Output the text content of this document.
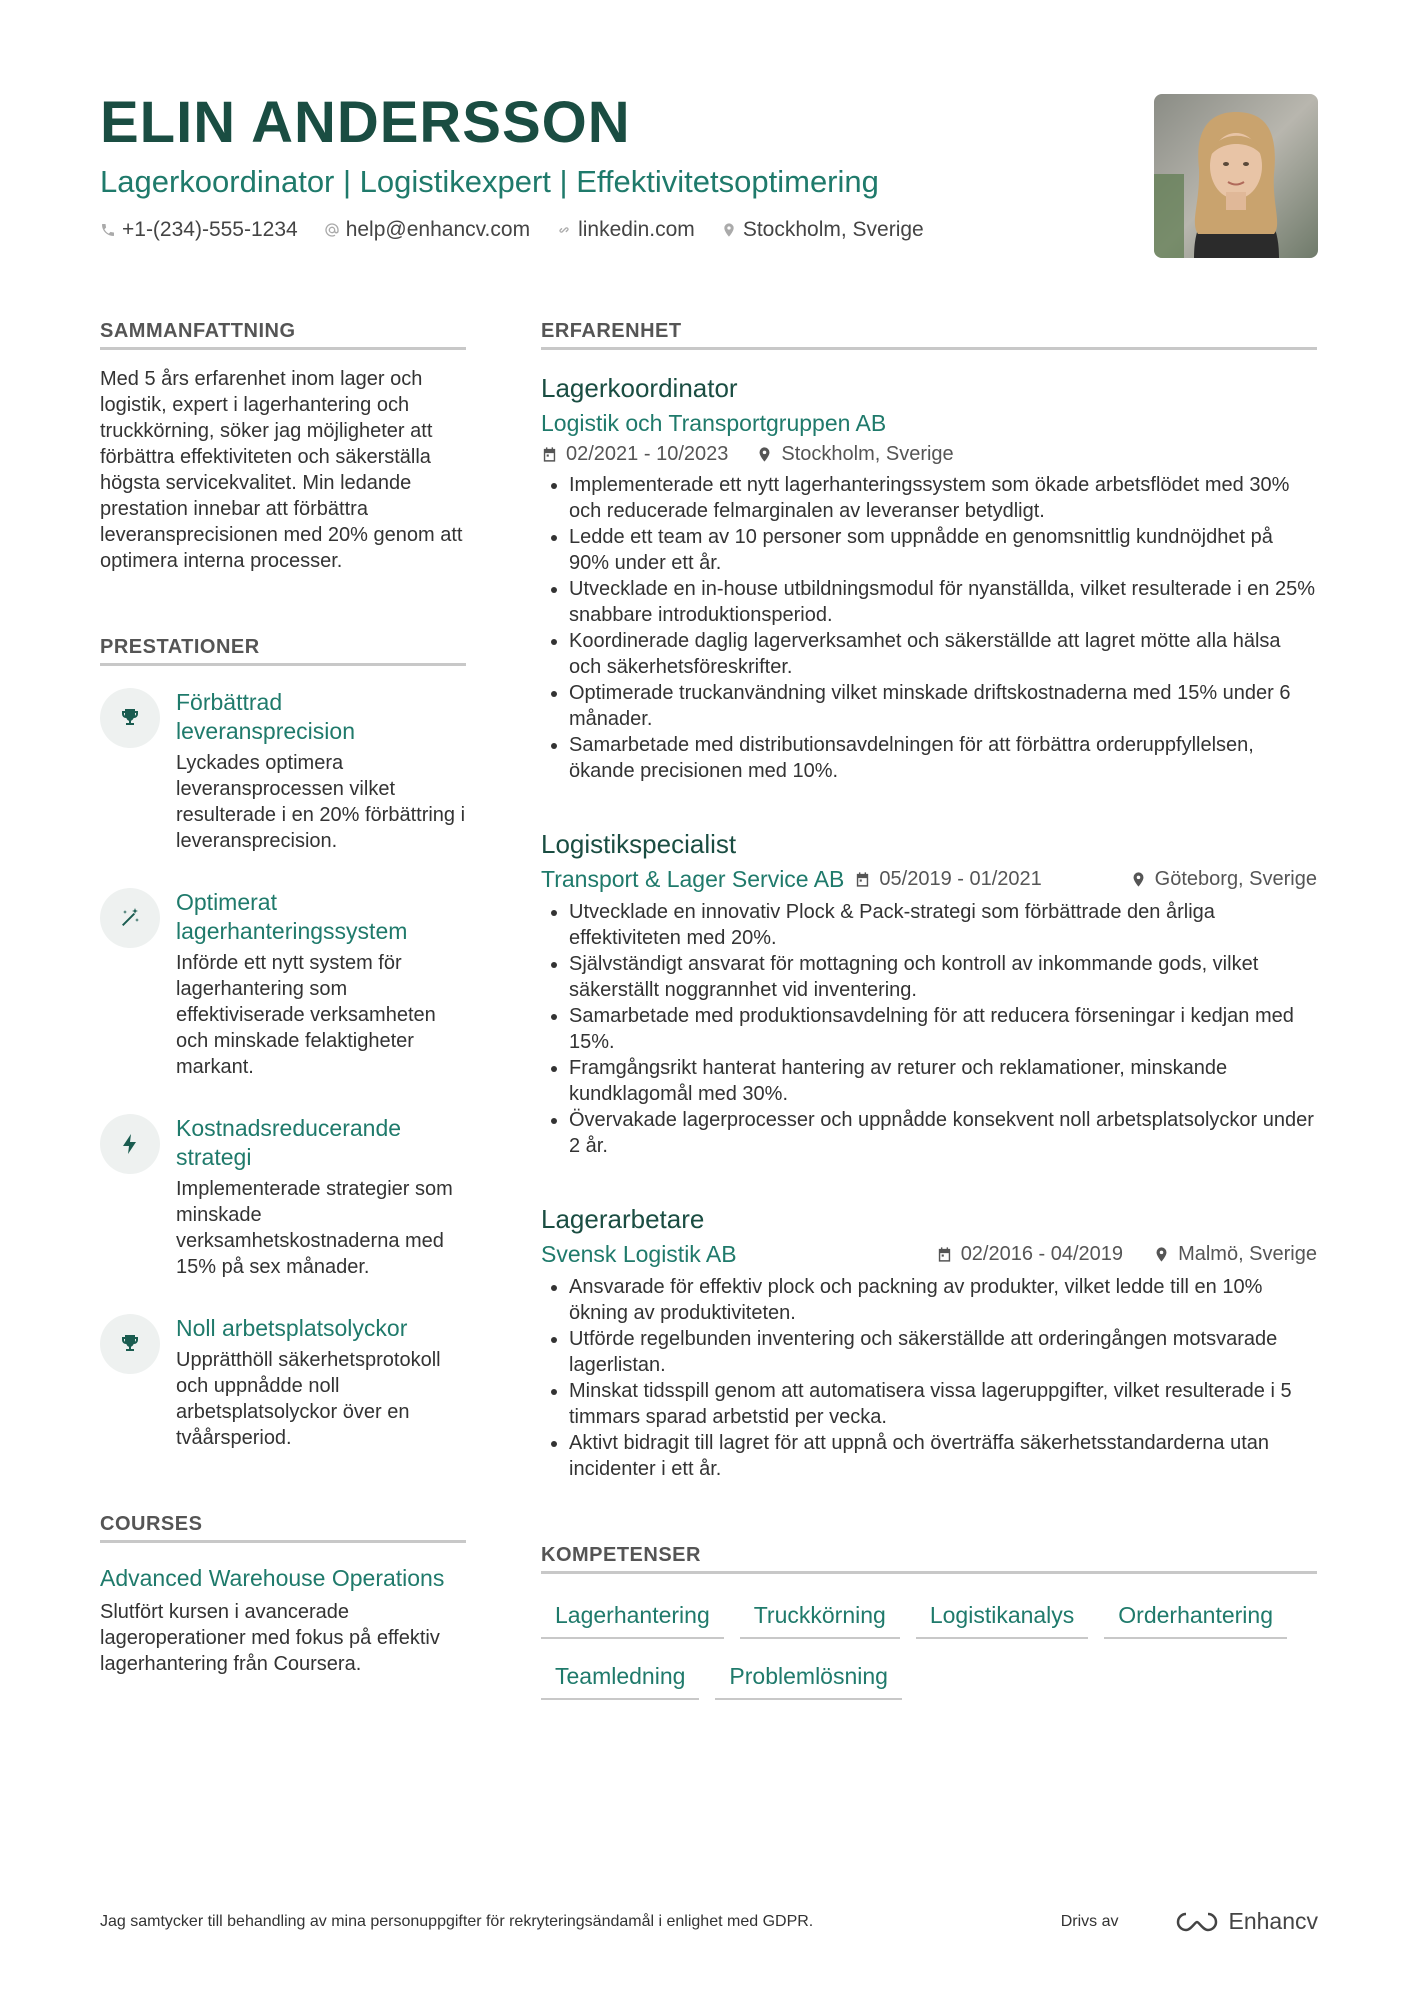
ELIN ANDERSSON
Lagerkoordinator | Logistikexpert | Effektivitetsoptimering
+1-(234)-555-1234 help@enhancv.com linkedin.com Stockholm, Sverige
SAMMANFATTNING
Med 5 års erfarenhet inom lager och logistik, expert i lagerhantering och truckkörning, söker jag möjligheter att förbättra effektiviteten och säkerställa högsta servicekvalitet. Min ledande prestation innebar att förbättra leveransprecisionen med 20% genom att optimera interna processer.
PRESTATIONER
Förbättrad leveransprecision
Lyckades optimera leveransprocessen vilket resulterade i en 20% förbättring i leveransprecision.
Optimerat lagerhanteringssystem
Införde ett nytt system för lagerhantering som effektiviserade verksamheten och minskade felaktigheter markant.
Kostnadsreducerande strategi
Implementerade strategier som minskade verksamhetskostnaderna med 15% på sex månader.
Noll arbetsplatsolyckor
Upprätthöll säkerhetsprotokoll och uppnådde noll arbetsplatsolyckor över en tvåårsperiod.
COURSES
Advanced Warehouse Operations
Slutfört kursen i avancerade lageroperationer med fokus på effektiv lagerhantering från Coursera.
ERFARENHET
Lagerkoordinator
Logistik och Transportgruppen AB
02/2021 - 10/2023	Stockholm, Sverige
• Implementerade ett nytt lagerhanteringssystem som ökade arbetsflödet med 30% och reducerade felmarginalen av leveranser betydligt.
• Ledde ett team av 10 personer som uppnådde en genomsnittlig kundnöjdhet på 90% under ett år.
• Utvecklade en in-house utbildningsmodul för nyanställda, vilket resulterade i en 25% snabbare introduktionsperiod.
• Koordinerade daglig lagerverksamhet och säkerställde att lagret mötte alla hälsa och säkerhetsföreskrifter.
• Optimerade truckanvändning vilket minskade driftskostnaderna med 15% under 6 månader.
• Samarbetade med distributionsavdelningen för att förbättra orderuppfyllelsen, ökande precisionen med 10%.
Logistikspecialist
Transport & Lager Service AB 05/2019 - 01/2021	Göteborg, Sverige
• Utvecklade en innovativ Plock & Pack-strategi som förbättrade den årliga effektiviteten med 20%.
• Självständigt ansvarat för mottagning och kontroll av inkommande gods, vilket säkerställt noggrannhet vid inventering.
• Samarbetade med produktionsavdelning för att reducera förseningar i kedjan med 15%.
• Framgångsrikt hanterat hantering av returer och reklamationer, minskande kundklagomål med 30%.
• Övervakade lagerprocesser och uppnådde konsekvent noll arbetsplatsolyckor under 2 år.
Lagerarbetare
Svensk Logistik AB	02/2016 - 04/2019	Malmö, Sverige
• Ansvarade för effektiv plock och packning av produkter, vilket ledde till en 10% ökning av produktiviteten.
• Utförde regelbunden inventering och säkerställde att orderingången motsvarade lagerlistan.
• Minskat tidsspill genom att automatisera vissa lageruppgifter, vilket resulterade i 5 timmars sparad arbetstid per vecka.
• Aktivt bidragit till lagret för att uppnå och överträffa säkerhetsstandarderna utan incidenter i ett år.
KOMPETENSER
Lagerhantering	Truckkörning	Logistikanalys	Orderhantering
Teamledning	Problemlösning
Jag samtycker till behandling av mina personuppgifter för rekryteringsändamål i enlighet med GDPR.	Drivs av	Enhancv
